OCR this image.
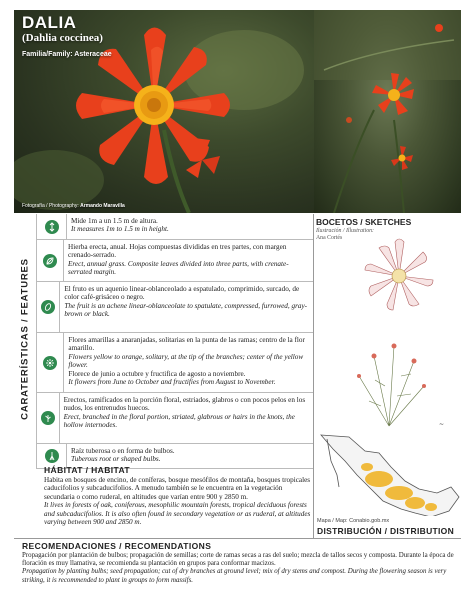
DALIA
(Dahlia coccinea)
Familia/Family: Asteraceae
Fotografía / Photography: Armando Maravilla
CARATERÍSTICAS / FEATURES
Mide 1m a un 1.5 m de altura.
It measures 1m to 1.5 m in height.
Hierba erecta, anual. Hojas compuestas divididas en tres partes, con margen crenado-serrado.
Erect, annual grass. Composite leaves divided into three parts, with crenate-serrated margin.
El fruto es un aquenio linear-oblanceolado a espatulado, comprimido, surcado, de color café-grisáceo o negro.
The fruit is an achene linear-oblanceolate to spatulate, compressed, furrowed, gray-brown or black.
Flores amarillas a anaranjadas, solitarias en la punta de las ramas; centro de la flor amarillo.
Flowers yellow to orange, solitary, at the tip of the branches; center of the yellow flower.
Florece de junio a octubre y fructifica de agosto a noviembre.
It flowers from June to October and fructifies from August to November.
Erectos, ramificados en la porción floral, estriados, glabros o con pocos pelos en los nudos, los entrenudos huecos.
Erect, branched in the floral portion, striated, glabrous or hairs in the knots, the hollow internodes.
Raíz tuberosa o en forma de bulbos.
Tuberous root or shaped bulbs.
HÁBITAT / HABITAT
Habita en bosques de encino, de coníferas, bosque mesófilos de montaña, bosques tropicales caducifolios y subcaducifolios. A menudo también se le encuentra en la vegetación secundaria o como ruderal, en altitudes que varían entre 900 y 2850 m.
It lives in forests of oak, coniferous, mesophilic mountain forests, tropical deciduous forests and subcaducifolios. It is also often found in secondary vegetation or as ruderal, at altitudes varying between 900 and 2850 m.
BOCETOS / SKETCHES
Ilustración / Illustration:
Ana Cortés
~
Mapa / Map: Conabio.gob.mx
DISTRIBUCIÓN / DISTRIBUTION
RECOMENDACIONES / RECOMENDATIONS
Propagación por plantación de bulbos; propagación de semillas; corte de ramas secas a ras del suelo; mezcla de tallos secos y composta. Durante la época de floración es muy llamativa, se recomienda su plantación en grupos para conformar macizos.
Propagation by planting bulbs; seed propagation; cut of dry branches at ground level; mix of dry stems and compost. During the flowering season is very striking, it is recommended to plant in groups to form massifs.
